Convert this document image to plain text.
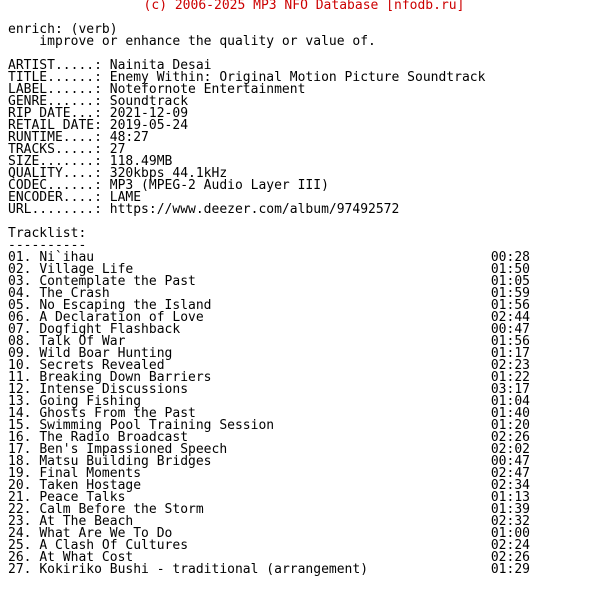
(c) 2006-2025 MP3 NFO Database [nfodb.ru]
enrich: (verb)
improve or enhance the quality or value of.
ARTIST.....: Nainita Desai
TITLE......: Enemy Within: Original Motion Picture Soundtrack
LABEL......: Notefornote Entertainment
GENRE......: Soundtrack
RIP DATE...: 2021-12-09
RETAIL DATE: 2019-05-24
RUNTIME....: 48:27
TRACKS.....: 27
SIZE.......: 118.49MB
QUALITY....: 320kbps 44.1kHz
CODEC......: MP3 (MPEG-2 Audio Layer III)
ENCODER....: LAME
URL........: https://www.deezer.com/album/97492572
Tracklist:
----------
01. Ni`ihau	00:28
02. Village Life	01:50
03. Contemplate the Past	01:05
04. The Crash	01:59
05. No Escaping the Island	01:56
06. A Declaration of Love	02:44
07. Dogfight Flashback	00:47
08. Talk Of War	01:56
09. Wild Boar Hunting	01:17
10. Secrets Revealed	02:23
11. Breaking Down Barriers	01:22
12. Intense Discussions	03:17
13. Going Fishing	01:04
14. Ghosts From the Past	01:40
15. Swimming Pool Training Session	01:20
16. The Radio Broadcast	02:26
17. Ben's Impassioned Speech	02:02
18. Matsu Building Bridges	00:47
19. Final Moments	02:47
20. Taken Hostage	02:34
21. Peace Talks	01:13
22. Calm Before the Storm	01:39
23. At The Beach	02:32
24. What Are We To Do	01:00
25. A Clash Of Cultures	02:24
26. At What Cost	02:26
27. Kokiriko Bushi - traditional (arrangement)	01:29
